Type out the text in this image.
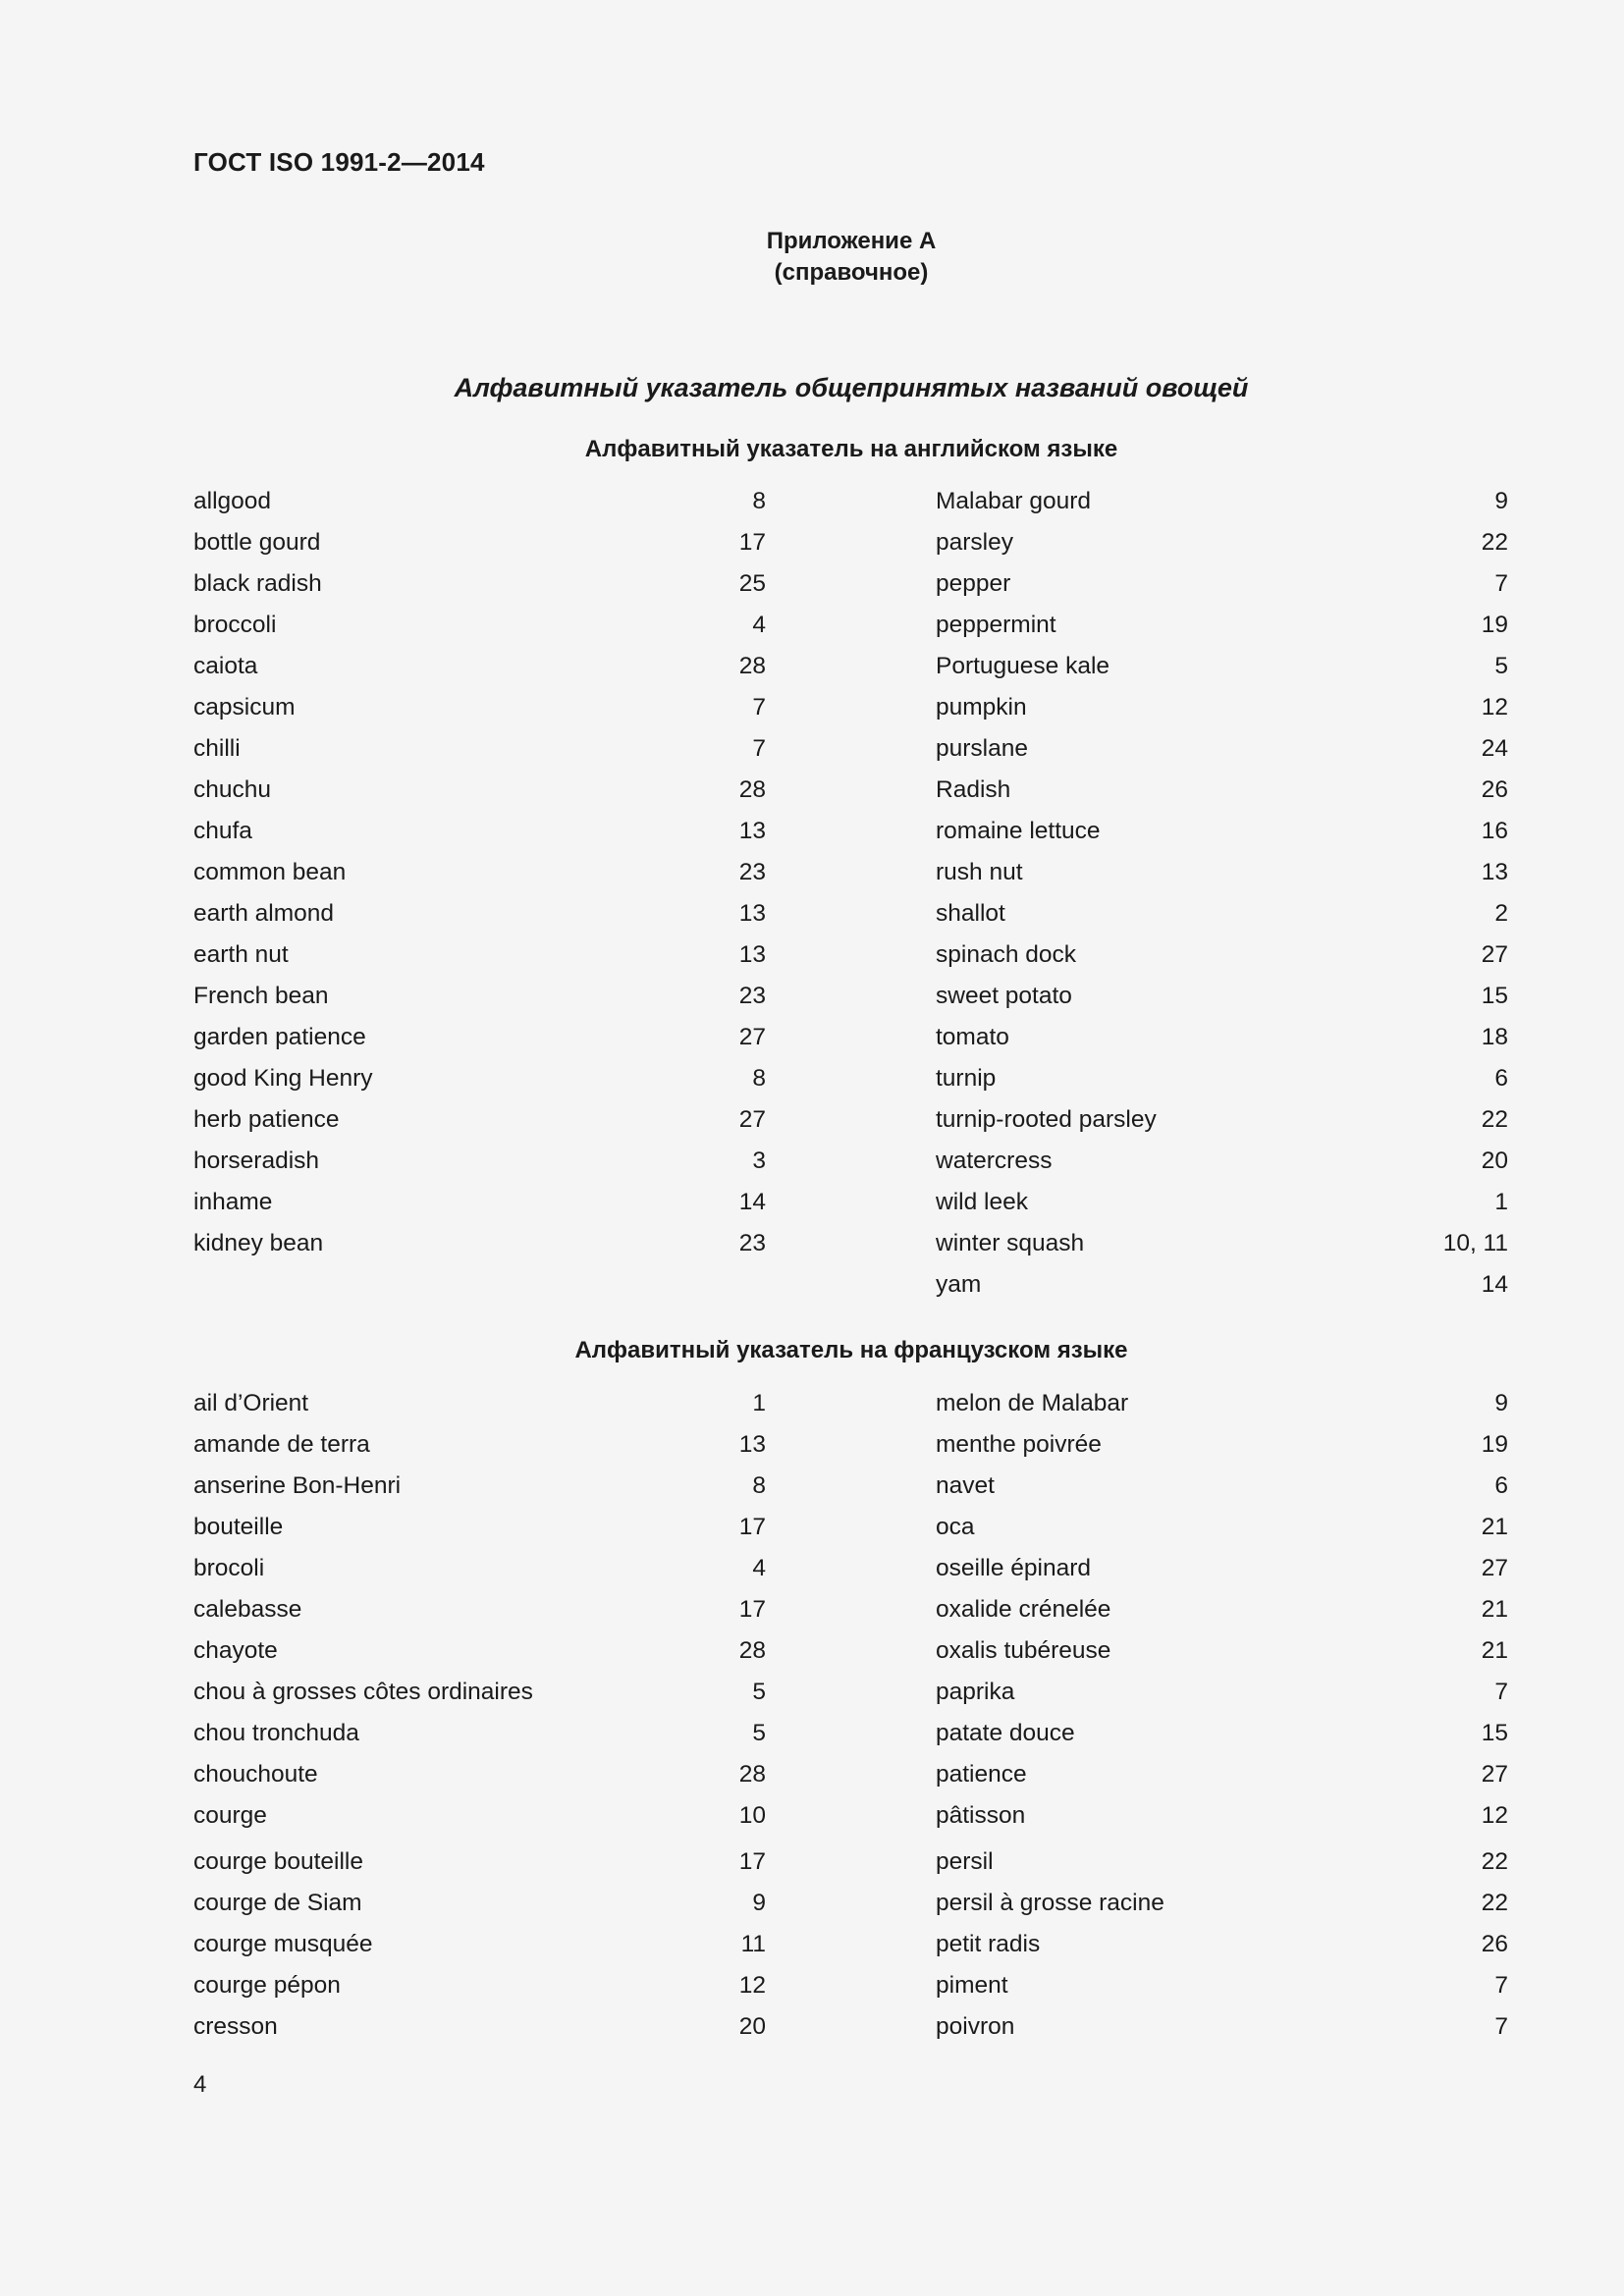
ГОСТ ISO 1991-2—2014
Приложение А
(справочное)
Алфавитный указатель общепринятых названий овощей
Алфавитный указатель на английском языке
allgood	8
bottle gourd	17
black radish	25
broccoli	4
caiota	28
capsicum	7
chilli	7
chuchu	28
chufa	13
common bean	23
earth almond	13
earth nut	13
French bean	23
garden patience	27
good King Henry	8
herb patience	27
horseradish	3
inhame	14
kidney bean	23
Malabar gourd	9
parsley	22
pepper	7
peppermint	19
Portuguese kale	5
pumpkin	12
purslane	24
Radish	26
romaine lettuce	16
rush nut	13
shallot	2
spinach dock	27
sweet potato	15
tomato	18
turnip	6
turnip-rooted parsley	22
watercress	20
wild leek	1
winter squash	10, 11
yam	14
Алфавитный указатель на французском языке
ail d’Orient	1
amande de terra	13
anserine Bon-Henri	8
bouteille	17
brocoli	4
calebasse	17
chayote	28
chou à grosses côtes ordinaires	5
chou tronchuda	5
chouchoute	28
courge	10
courge bouteille	17
courge de Siam	9
courge musquée	11
courge pépon	12
cresson	20
melon de Malabar	9
menthe poivrée	19
navet	6
oca	21
oseille épinard	27
oxalide crénelée	21
oxalis tubéreuse	21
paprika	7
patate douce	15
patience	27
pâtisson	12
persil	22
persil à grosse racine	22
petit radis	26
piment	7
poivron	7
4
